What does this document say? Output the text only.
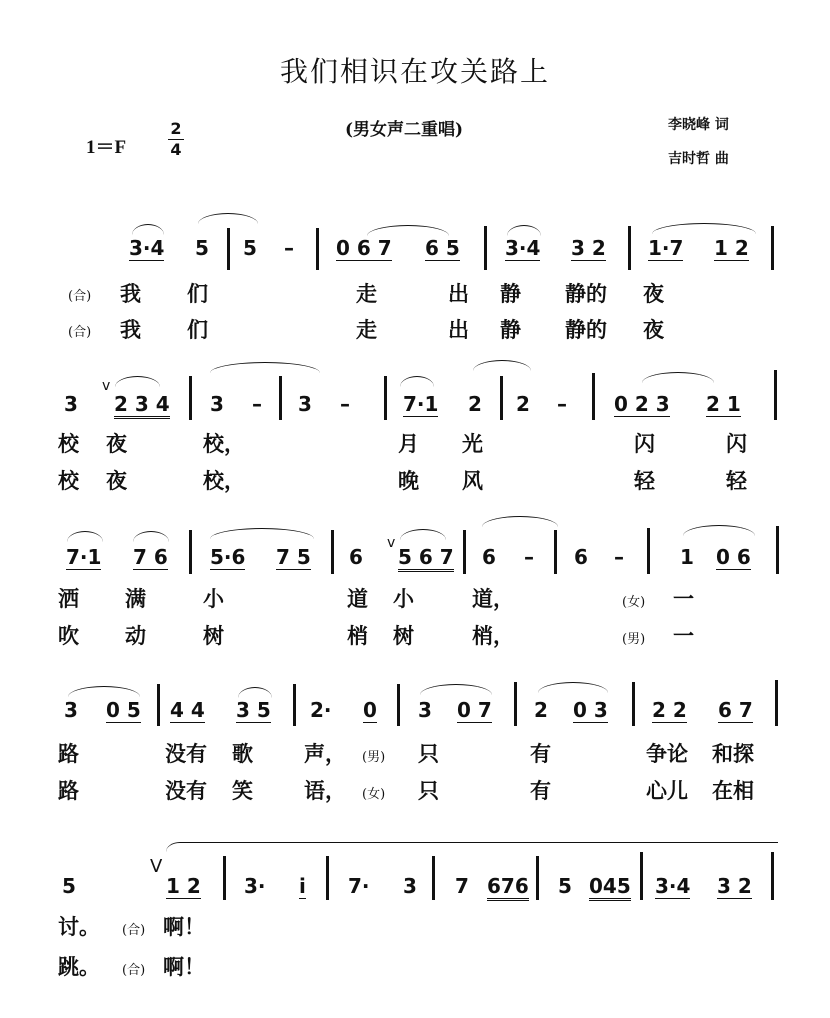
我们相识在攻关路上
(男女声二重唱)	李晓峰 词
吉时哲 曲
1＝F
2
4
3·4 5 5 – 0 6 7 6 5 3·4 3 2 1·7 1 2
(合) 我 们	走	出 静 静的 夜
(合) 我 们	走	出 静 静的 夜
v
3 2 3 4 3 – 3 –	7·1 2 2 – 0 2 3 2 1
校 夜	校，	月 光	闪	闪
校 夜	校，	晚 风	轻	轻
v
7·1 7 6 5·6 7 5 6 5 6 7 6 – 6 –	1 0 6
洒 满	小	道 小	道，	(女) 一
吹 动	树	梢 树	梢，	(男) 一
3 0 5 4 4 3 5 2· 0 3 0 7 2 0 3 2 2 6 7
路	没有 歌 声， (男) 只	有	争论 和探
路	没有 笑 语， (女) 只	有	心儿 在相
V
5	1 2 3· i 7· 3 7 676 5 045 3·4 3 2
讨。 (合) 啊！
跳。 (合) 啊！
